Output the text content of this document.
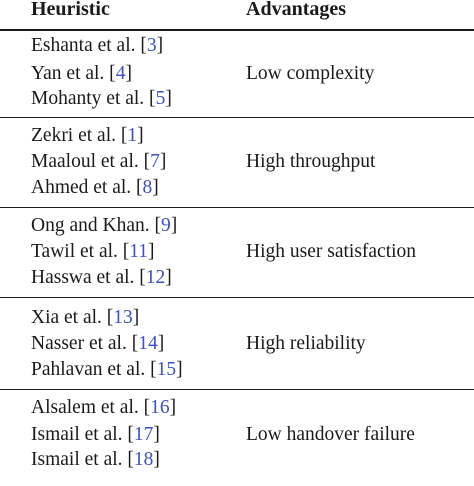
Heuristic	Advantages
Eshanta et al. [3]
Yan et al. [4]
Mohanty et al. [5]
Low complexity
Zekri et al. [1]
Maaloul et al. [7]
Ahmed et al. [8]
High throughput
Ong and Khan. [9]
Tawil et al. [11]
Hasswa et al. [12]
High user satisfaction
Xia et al. [13]
Nasser et al. [14]
Pahlavan et al. [15]
High reliability
Alsalem et al. [16]
Ismail et al. [17]
Ismail et al. [18]
Low handover failure
